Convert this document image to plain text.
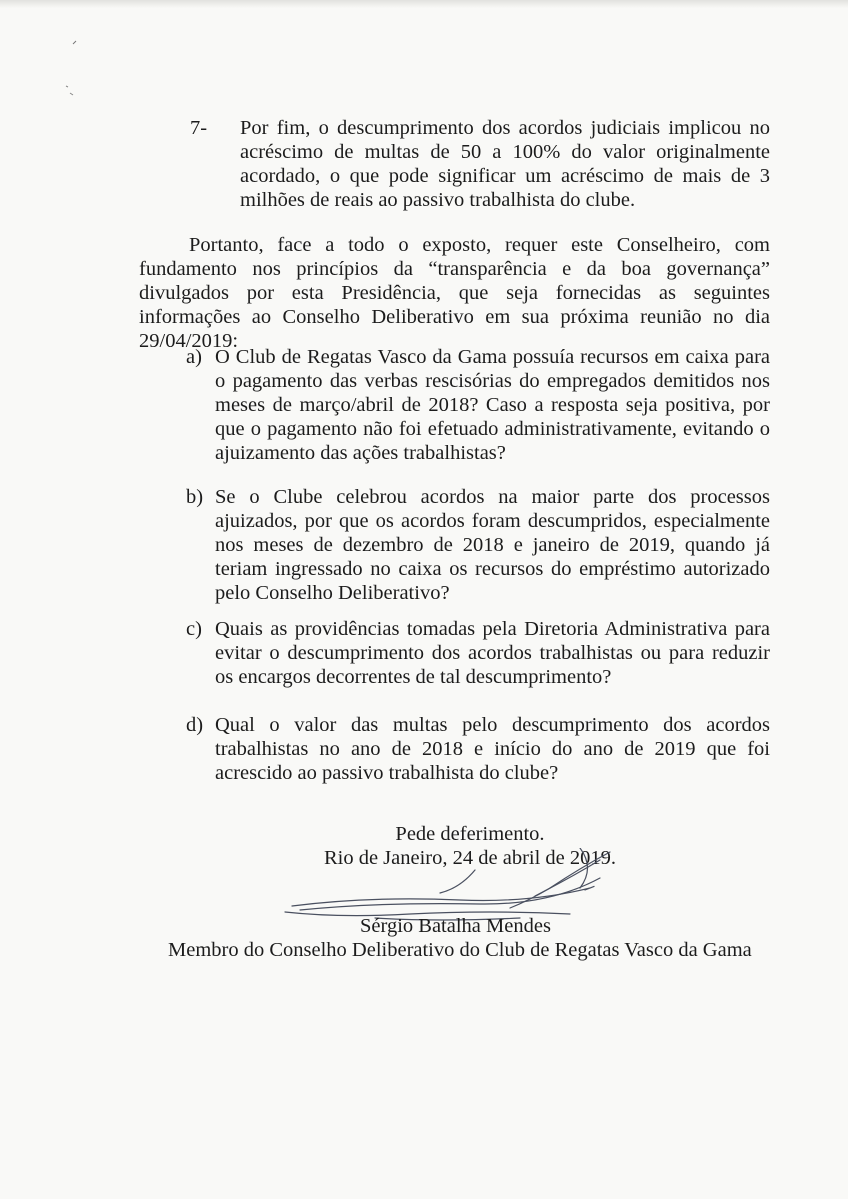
7- Por fim, o descumprimento dos acordos judiciais implicou no acréscimo de multas de 50 a 100% do valor originalmente acordado, o que pode significar um acréscimo de mais de 3 milhões de reais ao passivo trabalhista do clube.
Portanto, face a todo o exposto, requer este Conselheiro, com fundamento nos princípios da “transparência e da boa governança” divulgados por esta Presidência, que seja fornecidas as seguintes informações ao Conselho Deliberativo em sua próxima reunião no dia 29/04/2019:
a) O Club de Regatas Vasco da Gama possuía recursos em caixa para o pagamento das verbas rescisórias do empregados demitidos nos meses de março/abril de 2018? Caso a resposta seja positiva, por que o pagamento não foi efetuado administrativamente, evitando o ajuizamento das ações trabalhistas?
b) Se o Clube celebrou acordos na maior parte dos processos ajuizados, por que os acordos foram descumpridos, especialmente nos meses de dezembro de 2018 e janeiro de 2019, quando já teriam ingressado no caixa os recursos do empréstimo autorizado pelo Conselho Deliberativo?
c) Quais as providências tomadas pela Diretoria Administrativa para evitar o descumprimento dos acordos trabalhistas ou para reduzir os encargos decorrentes de tal descumprimento?
d) Qual o valor das multas pelo descumprimento dos acordos trabalhistas no ano de 2018 e início do ano de 2019 que foi acrescido ao passivo trabalhista do clube?
Pede deferimento.
Rio de Janeiro, 24 de abril de 2019.
Sérgio Batalha Mendes
Membro do Conselho Deliberativo do Club de Regatas Vasco da Gama
